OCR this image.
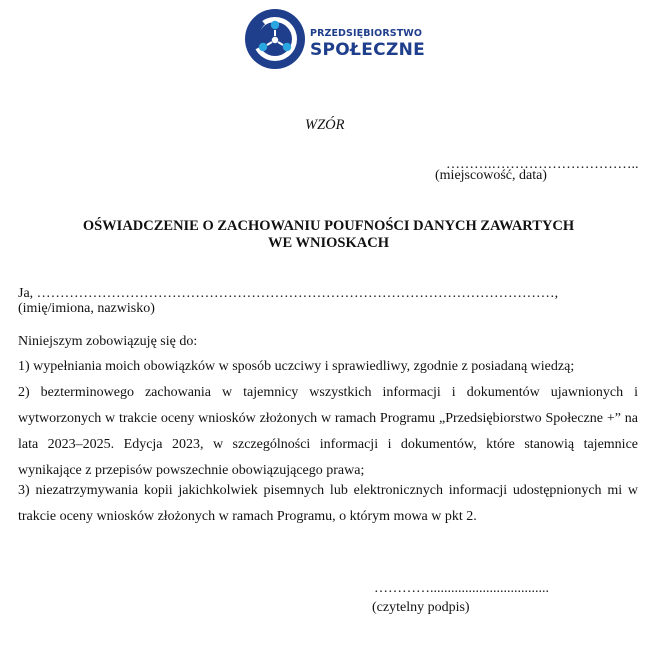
PRZEDSIĘBIORSTWO
SPOŁECZNE
WZÓR
……….…………………………..
(miejscowość, data)
OŚWIADCZENIE O ZACHOWANIU POUFNOŚCI DANYCH ZAWARTYCH
WE WNIOSKACH
Ja, …………………………………………………………………………………………………,
(imię/imiona, nazwisko)
Niniejszym zobowiązuję się do:
1) wypełniania moich obowiązków w sposób uczciwy i sprawiedliwy, zgodnie z posiadaną wiedzą;
2) bezterminowego zachowania w tajemnicy wszystkich informacji i dokumentów ujawnionych i wytworzonych w trakcie oceny wniosków złożonych w ramach Programu „Przedsiębiorstwo Społeczne +” na lata 2023–2025. Edycja 2023, w szczególności informacji i dokumentów, które stanowią tajemnice wynikające z przepisów powszechnie obowiązującego prawa;
3) niezatrzymywania kopii jakichkolwiek pisemnych lub elektronicznych informacji udostępnionych mi w trakcie oceny wniosków złożonych w ramach Programu, o którym mowa w pkt 2.
…………..................................
(czytelny podpis)
